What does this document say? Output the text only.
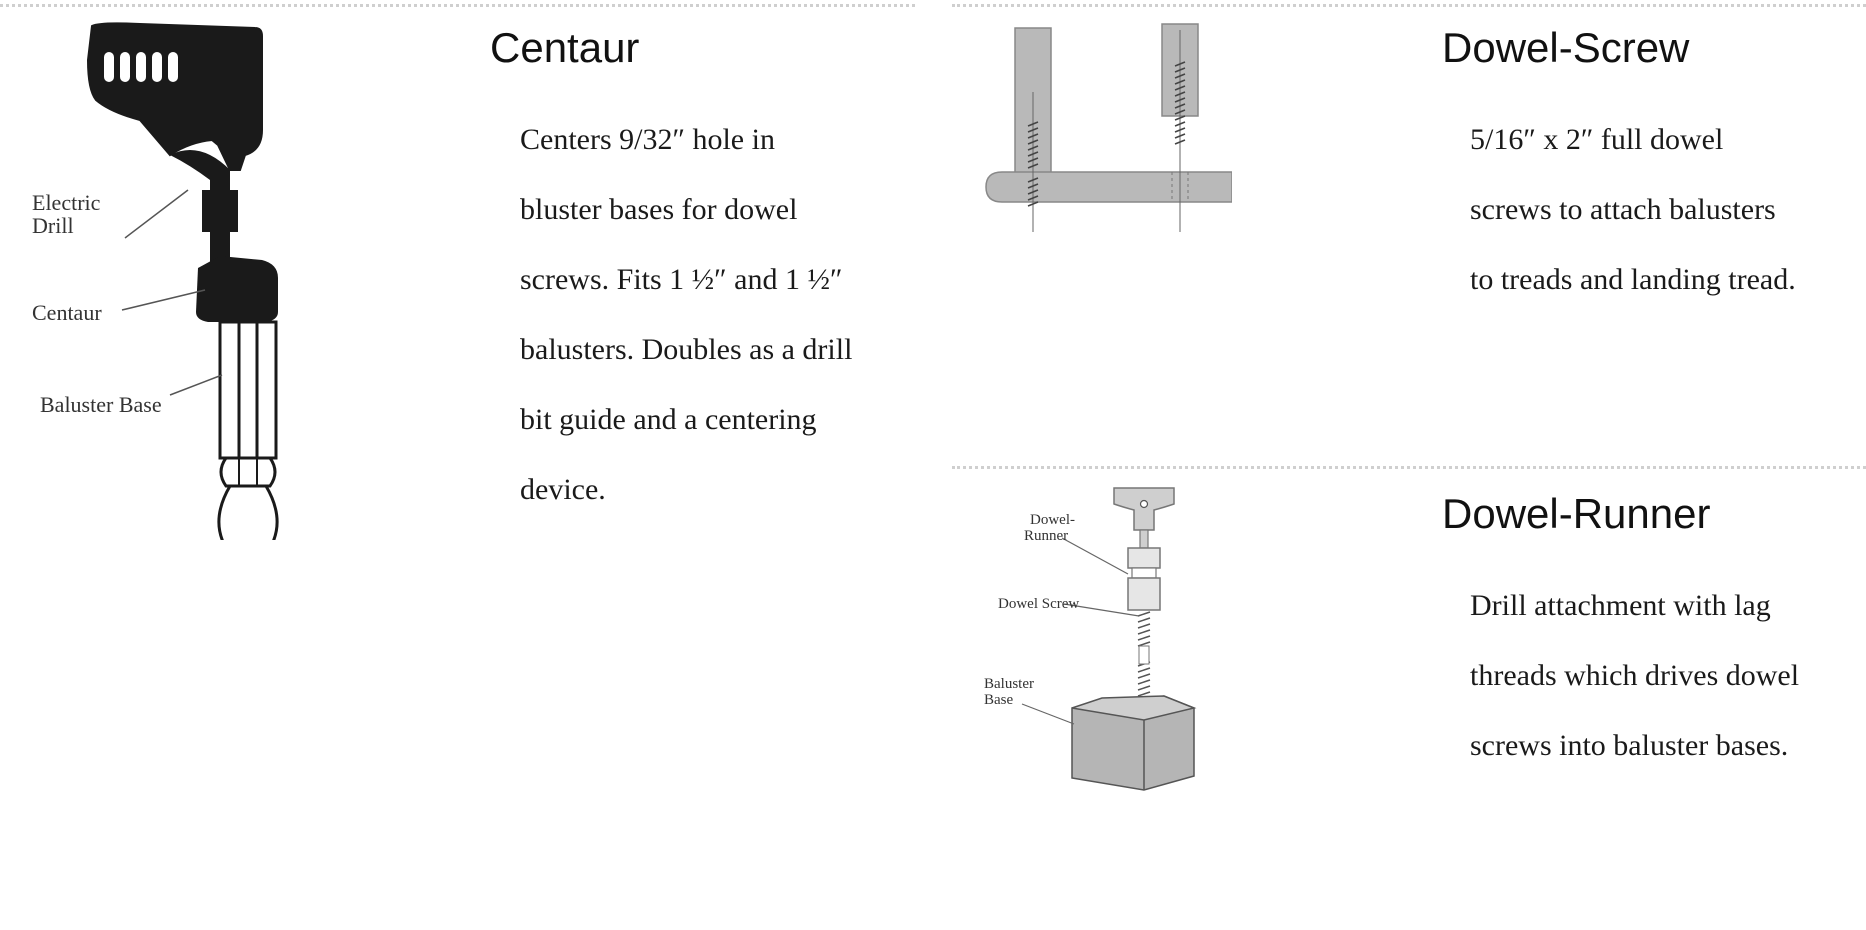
Electric
Drill
Centaur
Baluster Base
Centaur

Centers 9/32″ hole in bluster bases for dowel screws. Fits 1 ½″ and 1 ½″ balusters. Doubles as a drill bit guide and a centering device.

Dowel-Screw

5/16″ x 2″ full dowel screws to attach balusters to treads and landing tread.

Dowel-
Runner
Dowel Screw
Baluster
Base
Dowel-Runner

Drill attachment with lag threads which drives dowel screws into baluster bases.
